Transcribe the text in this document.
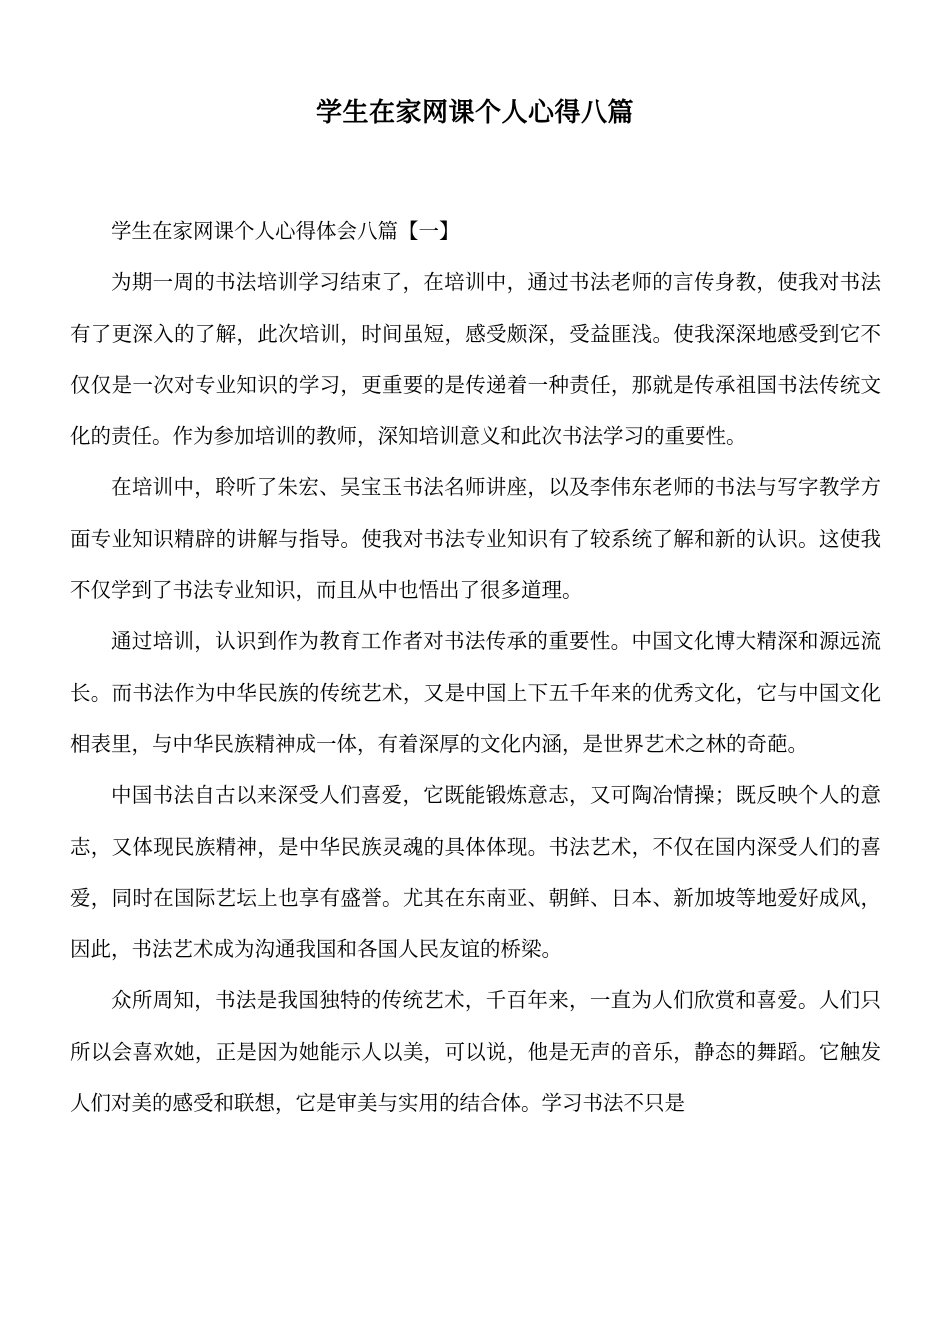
学生在家网课个人心得八篇

学生在家网课个人心得体会八篇【一】

为期一周的书法培训学习结束了，在培训中，通过书法老师的言传身教，使我对书法有了更深入的了解，此次培训，时间虽短，感受颇深，受益匪浅。使我深深地感受到它不仅仅是一次对专业知识的学习，更重要的是传递着一种责任，那就是传承祖国书法传统文化的责任。作为参加培训的教师，深知培训意义和此次书法学习的重要性。

在培训中，聆听了朱宏、吴宝玉书法名师讲座，以及李伟东老师的书法与写字教学方面专业知识精辟的讲解与指导。使我对书法专业知识有了较系统了解和新的认识。这使我不仅学到了书法专业知识，而且从中也悟出了很多道理。

通过培训，认识到作为教育工作者对书法传承的重要性。中国文化博大精深和源远流长。而书法作为中华民族的传统艺术，又是中国上下五千年来的优秀文化，它与中国文化相表里，与中华民族精神成一体，有着深厚的文化内涵，是世界艺术之林的奇葩。

中国书法自古以来深受人们喜爱，它既能锻炼意志，又可陶冶情操；既反映个人的意志，又体现民族精神，是中华民族灵魂的具体体现。书法艺术，不仅在国内深受人们的喜爱，同时在国际艺坛上也享有盛誉。尤其在东南亚、朝鲜、日本、新加坡等地爱好成风，因此，书法艺术成为沟通我国和各国人民友谊的桥梁。

众所周知，书法是我国独特的传统艺术，千百年来，一直为人们欣赏和喜爱。人们只所以会喜欢她，正是因为她能示人以美，可以说，他是无声的音乐，静态的舞蹈。它触发人们对美的感受和联想，它是审美与实用的结合体。学习书法不只是
